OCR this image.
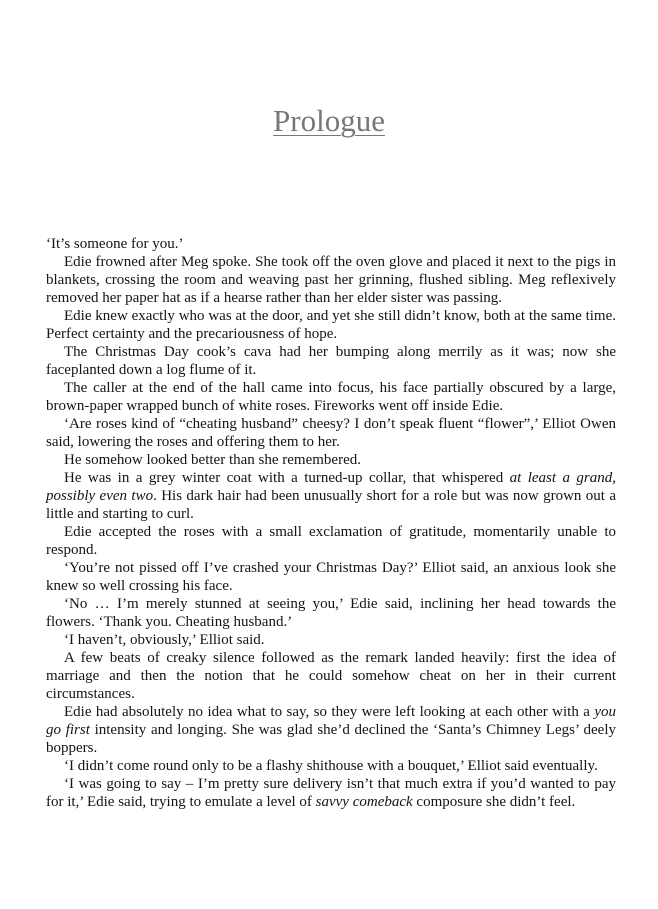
Prologue

‘It’s someone for you.’

Edie frowned after Meg spoke. She took off the oven glove and placed it next to the pigs in blankets, crossing the room and weaving past her grinning, flushed sibling. Meg reflexively removed her paper hat as if a hearse rather than her elder sister was passing.

Edie knew exactly who was at the door, and yet she still didn’t know, both at the same time. Perfect certainty and the precariousness of hope.

The Christmas Day cook’s cava had her bumping along merrily as it was; now she faceplanted down a log flume of it.

The caller at the end of the hall came into focus, his face partially obscured by a large, brown-paper wrapped bunch of white roses. Fireworks went off inside Edie.

‘Are roses kind of “cheating husband” cheesy? I don’t speak fluent “flower”,’ Elliot Owen said, lowering the roses and offering them to her.

He somehow looked better than she remembered.

He was in a grey winter coat with a turned-up collar, that whispered at least a grand, possibly even two. His dark hair had been unusually short for a role but was now grown out a little and starting to curl.

Edie accepted the roses with a small exclamation of gratitude, momentarily unable to respond.

‘You’re not pissed off I’ve crashed your Christmas Day?’ Elliot said, an anxious look she knew so well crossing his face.

‘No … I’m merely stunned at seeing you,’ Edie said, inclining her head towards the flowers. ‘Thank you. Cheating husband.’

‘I haven’t, obviously,’ Elliot said.

A few beats of creaky silence followed as the remark landed heavily: first the idea of marriage and then the notion that he could somehow cheat on her in their current circumstances.

Edie had absolutely no idea what to say, so they were left looking at each other with a you go first intensity and longing. She was glad she’d declined the ‘Santa’s Chimney Legs’ deely boppers.

‘I didn’t come round only to be a flashy shithouse with a bouquet,’ Elliot said eventually.

‘I was going to say – I’m pretty sure delivery isn’t that much extra if you’d wanted to pay for it,’ Edie said, trying to emulate a level of savvy comeback composure she didn’t feel.
